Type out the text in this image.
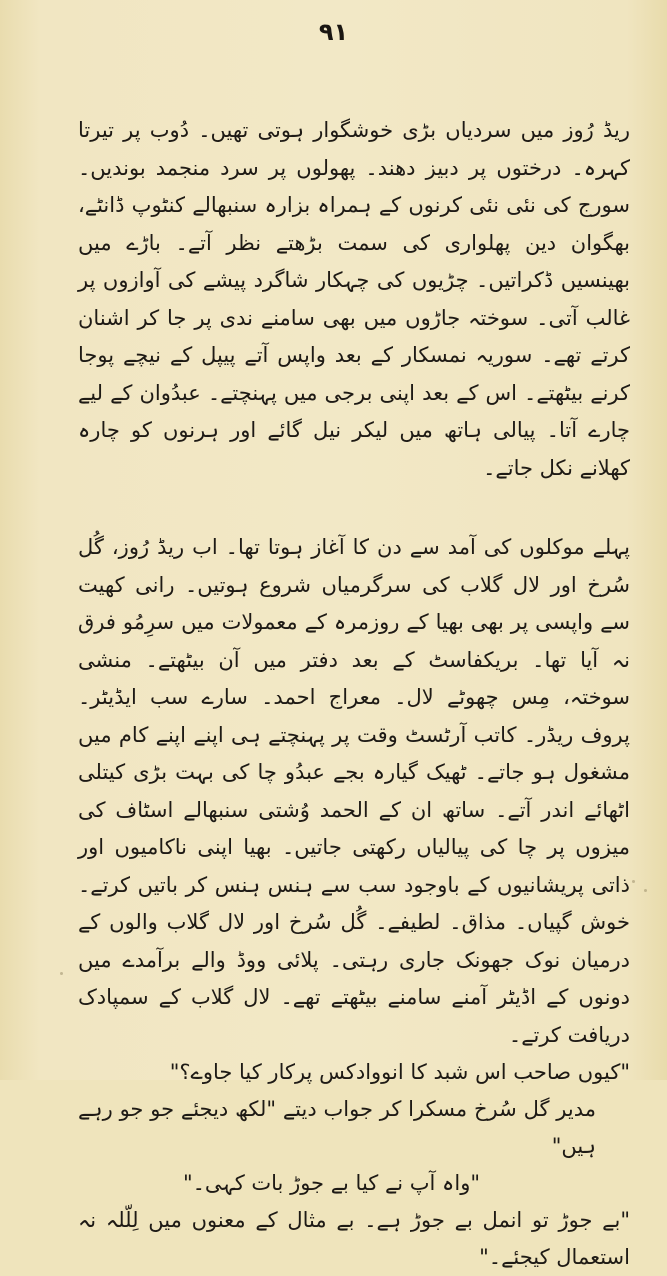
۹۱

ریڈ رُوز میں سردیاں بڑی خوشگوار ہوتی تھیں۔ دُوب پر تیرتا کہرہ۔ درختوں پر دبیز دھند۔ پھولوں پر سرد منجمد بوندیں۔ سورج کی نئی نئی کرنوں کے ہمراہ بزارہ سنبھالے کنٹوپ ڈانٹے، بھگوان دین پھلواری کی سمت بڑھتے نظر آتے۔ باڑے میں بھینسیں ڈکراتیں۔ چڑیوں کی چہکار شاگرد پیشے کی آوازوں پر غالب آتی۔ سوختہ جاڑوں میں بھی سامنے ندی پر جا کر اشنان کرتے تھے۔ سوریہ نمسکار کے بعد واپس آتے پیپل کے نیچے پوجا کرنے بیٹھتے۔ اس کے بعد اپنی برجی میں پہنچتے۔ عبدُوان کے لیے چارے آتا۔ پیالی ہاتھ میں لیکر نیل گائے اور ہرنوں کو چارہ کھلانے نکل جاتے۔

پہلے موکلوں کی آمد سے دن کا آغاز ہوتا تھا۔ اب ریڈ رُوز، گُل سُرخ اور لال گلاب کی سرگرمیاں شروع ہوتیں۔ رانی کھیت سے واپسی پر بھی بھیا کے روزمرہ کے معمولات میں سرِمُو فرق نہ آیا تھا۔ بریکفاسٹ کے بعد دفتر میں آن بیٹھتے۔ منشی سوختہ، مِس چھوٹے لال۔ معراج احمد۔ سارے سب ایڈیٹر۔ پروف ریڈر۔ کاتب آرٹسٹ وقت پر پہنچتے ہی اپنے اپنے کام میں مشغول ہو جاتے۔ ٹھیک گیارہ بجے عبدُو چا کی بہت بڑی کیتلی اٹھائے اندر آتے۔ ساتھ ان کے الحمد وُشتی سنبھالے اسٹاف کی میزوں پر چا کی پیالیاں رکھتی جاتیں۔ بھیا اپنی ناکامیوں اور ذاتی پریشانیوں کے باوجود سب سے ہنس ہنس کر باتیں کرتے۔ خوش گپیاں۔ مذاق۔ لطیفے۔ گُل سُرخ اور لال گلاب والوں کے درمیان نوک جھونک جاری رہتی۔ پلائی ووڈ والے برآمدے میں دونوں کے اڈیٹر آمنے سامنے بیٹھتے تھے۔ لال گلاب کے سمپادک دریافت کرتے۔

"کیوں صاحب اس شبد کا انووادکس پرکار کیا جاوے؟"

مدیر گل سُرخ مسکرا کر جواب دیتے "لکھ دیجئے جو جو رہے ہیں"

"واہ آپ نے کیا بے جوڑ بات کہی۔"

"بے جوڑ تو انمل بے جوڑ ہے۔ بے مثال کے معنوں میں لِلّلہ نہ استعمال کیجئے۔"
